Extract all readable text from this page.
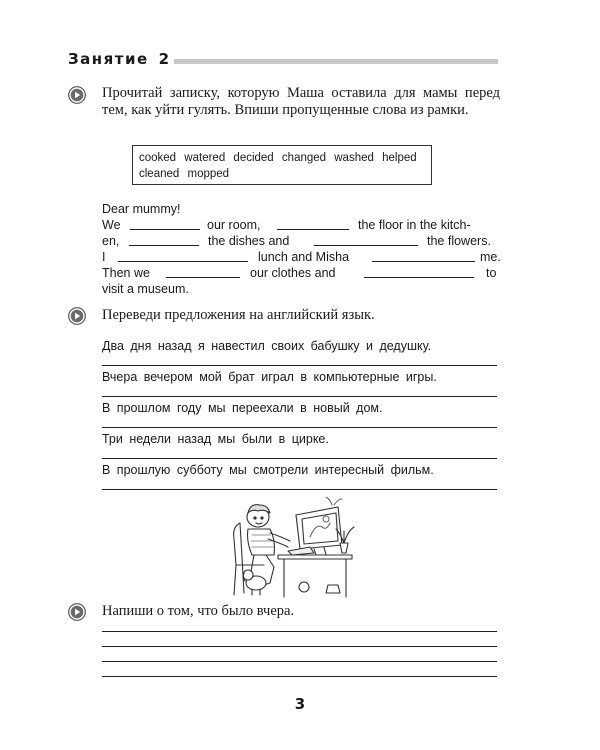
Занятие 2
Прочитай записку, которую Маша оставила для мамы перед тем, как уйти гулять. Впиши пропущенные слова из рамки.
cooked watered decided changed washed helped
cleaned mopped
Dear mummy!
We	our room,	the floor in the kitch-
en,	the dishes and	the flowers.
I	lunch and Misha	me.
Then we	our clothes and	to
visit a museum.
Переведи предложения на английский язык.
Два дня назад я навестил своих бабушку и дедушку.
Вчера вечером мой брат играл в компьютерные игры.
В прошлом году мы переехали в новый дом.
Три недели назад мы были в цирке.
В прошлую субботу мы смотрели интересный фильм.
Напиши о том, что было вчера.
3
